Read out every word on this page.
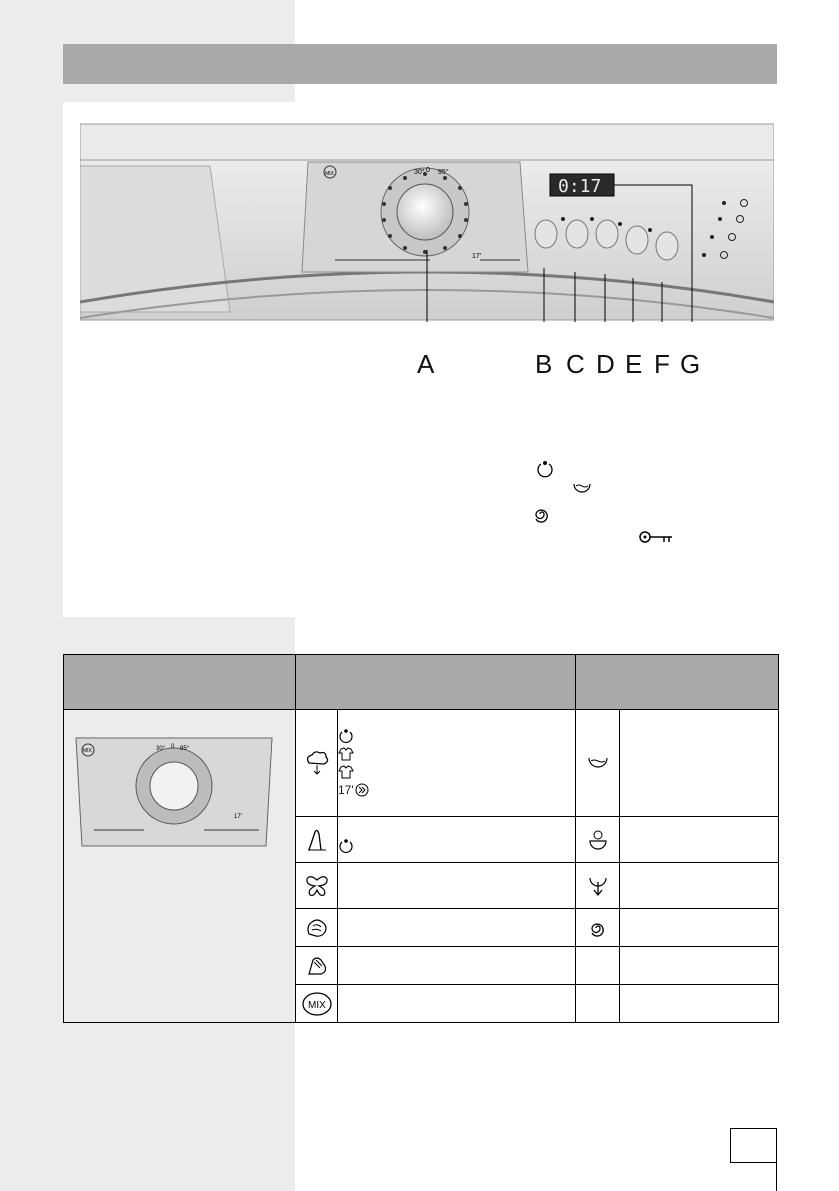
30° 0 95°
17'
MIX
0:17
A	B C D E F G

MIX 30° 0 95°
17'		17'

MIX			
